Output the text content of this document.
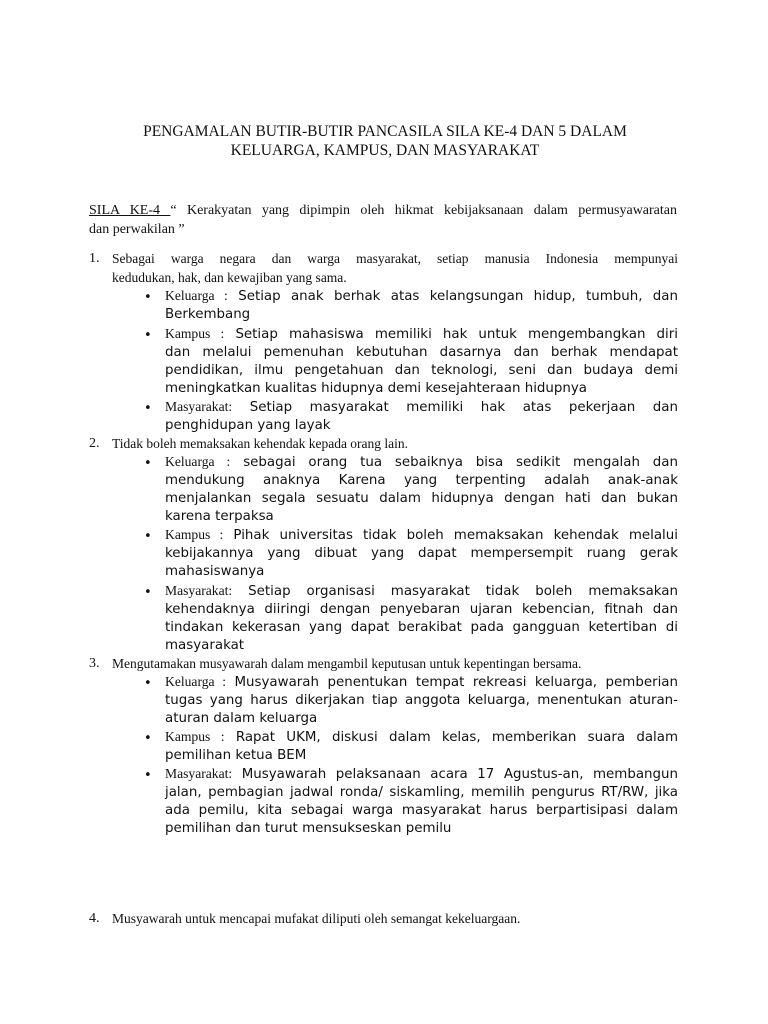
PENGAMALAN BUTIR-BUTIR PANCASILA SILA KE-4 DAN 5 DALAM
KELUARGA, KAMPUS, DAN MASYARAKAT

SILA KE-4 “ Kerakyatan yang dipimpin oleh hikmat kebijaksanaan dalam permusyawaratan

dan perwakilan ”

1. Sebagai warga negara dan warga masyarakat, setiap manusia Indonesia mempunyai

kedudukan, hak, dan kewajiban yang sama.

• Keluarga : Setiap anak berhak atas kelangsungan hidup, tumbuh, dan

Berkembang

• Kampus : Setiap mahasiswa memiliki hak untuk mengembangkan diri

dan melalui pemenuhan kebutuhan dasarnya dan berhak mendapat

pendidikan, ilmu pengetahuan dan teknologi, seni dan budaya demi

meningkatkan kualitas hidupnya demi kesejahteraan hidupnya

• Masyarakat: Setiap masyarakat memiliki hak atas pekerjaan dan

penghidupan yang layak

2. Tidak boleh memaksakan kehendak kepada orang lain.

• Keluarga : sebagai orang tua sebaiknya bisa sedikit mengalah dan

mendukung anaknya Karena yang terpenting adalah anak-anak

menjalankan segala sesuatu dalam hidupnya dengan hati dan bukan

karena terpaksa

• Kampus : Pihak universitas tidak boleh memaksakan kehendak melalui

kebijakannya yang dibuat yang dapat mempersempit ruang gerak

mahasiswanya

• Masyarakat: Setiap organisasi masyarakat tidak boleh memaksakan

kehendaknya diiringi dengan penyebaran ujaran kebencian, fitnah dan

tindakan kekerasan yang dapat berakibat pada gangguan ketertiban di

masyarakat

3. Mengutamakan musyawarah dalam mengambil keputusan untuk kepentingan bersama.

• Keluarga : Musyawarah penentukan tempat rekreasi keluarga, pemberian

tugas yang harus dikerjakan tiap anggota keluarga, menentukan aturan-

aturan dalam keluarga

• Kampus : Rapat UKM, diskusi dalam kelas, memberikan suara dalam

pemilihan ketua BEM

• Masyarakat: Musyawarah pelaksanaan acara 17 Agustus-an, membangun

jalan, pembagian jadwal ronda/ siskamling, memilih pengurus RT/RW, jika

ada pemilu, kita sebagai warga masyarakat harus berpartisipasi dalam

pemilihan dan turut mensukseskan pemilu

4. Musyawarah untuk mencapai mufakat diliputi oleh semangat kekeluargaan.
